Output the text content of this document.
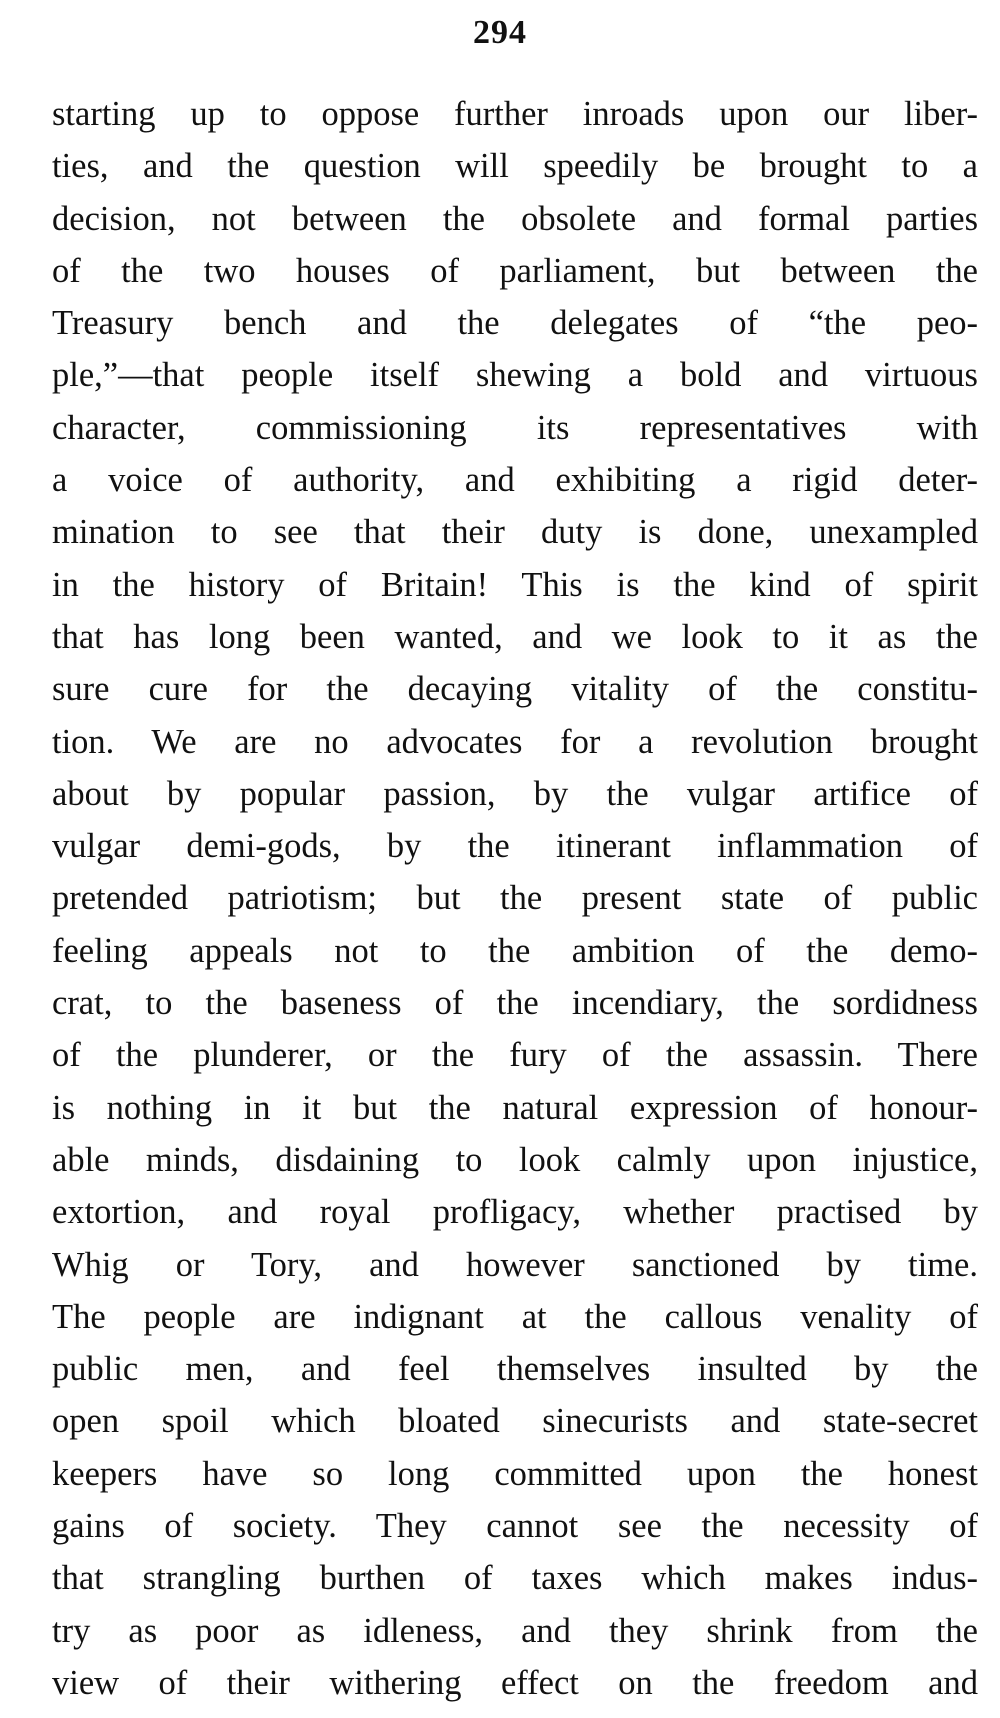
294
starting up to oppose further inroads upon our liber-
ties, and the question will speedily be brought to a
decision, not between the obsolete and formal parties
of the two houses of parliament, but between the
Treasury bench and the delegates of “the peo-
ple,”—that people itself shewing a bold and virtuous
character, commissioning its representatives with
a voice of authority, and exhibiting a rigid deter-
mination to see that their duty is done, unexampled
in the history of Britain! This is the kind of spirit
that has long been wanted, and we look to it as the
sure cure for the decaying vitality of the constitu-
tion. We are no advocates for a revolution brought
about by popular passion, by the vulgar artifice of
vulgar demi-gods, by the itinerant inflammation of
pretended patriotism; but the present state of public
feeling appeals not to the ambition of the demo-
crat, to the baseness of the incendiary, the sordidness
of the plunderer, or the fury of the assassin. There
is nothing in it but the natural expression of honour-
able minds, disdaining to look calmly upon injustice,
extortion, and royal profligacy, whether practised by
Whig or Tory, and however sanctioned by time.
The people are indignant at the callous venality of
public men, and feel themselves insulted by the
open spoil which bloated sinecurists and state-secret
keepers have so long committed upon the honest
gains of society. They cannot see the necessity of
that strangling burthen of taxes which makes indus-
try as poor as idleness, and they shrink from the
view of their withering effect on the freedom and
